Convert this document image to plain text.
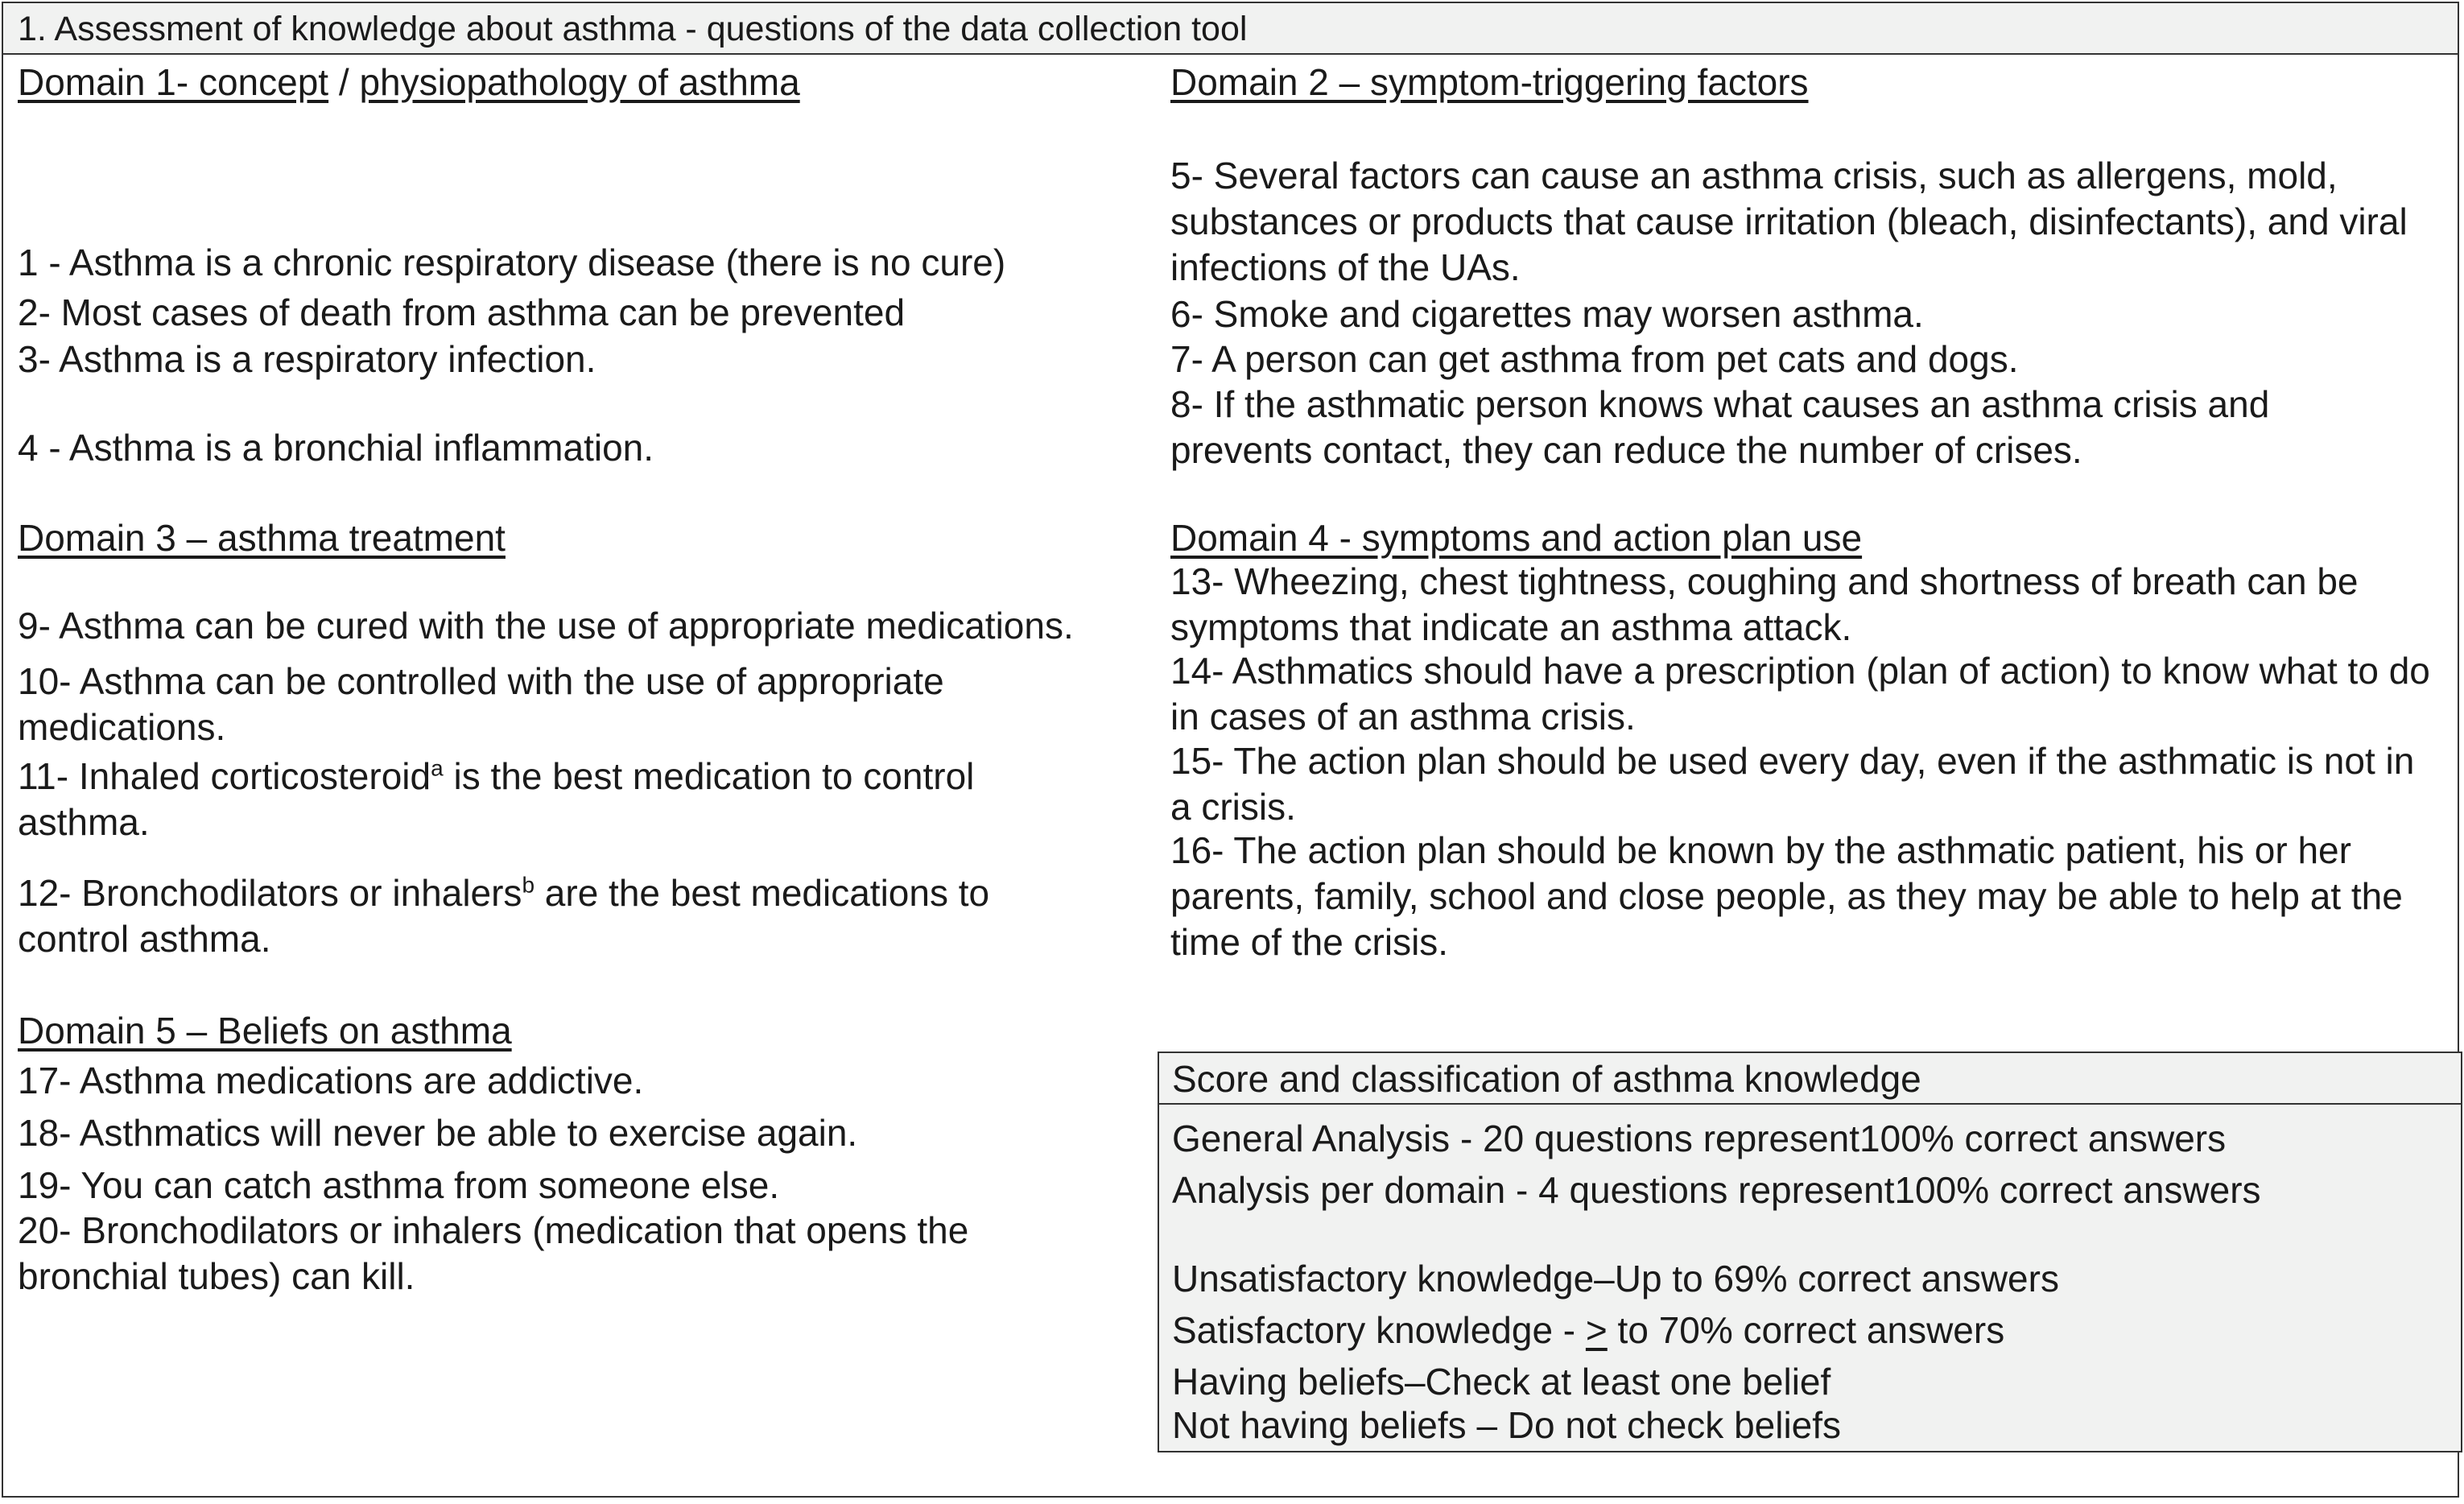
1. Assessment of knowledge about asthma - questions of the data collection tool
Domain 1- concept / physiopathology of asthma
1 - Asthma is a chronic respiratory disease (there is no cure)
2- Most cases of death from asthma can be prevented
3- Asthma is a respiratory infection.
4 - Asthma is a bronchial inflammation.
Domain 3 – asthma treatment
9- Asthma can be cured with the use of appropriate medications.
10- Asthma can be controlled with the use of appropriate medications.
11- Inhaled corticosteroid$^a$ is the best medication to control asthma.
12- Bronchodilators or inhalers$^b$ are the best medications to control asthma.
Domain 5 – Beliefs on asthma
17- Asthma medications are addictive.
18- Asthmatics will never be able to exercise again.
19- You can catch asthma from someone else.
20- Bronchodilators or inhalers (medication that opens the bronchial tubes) can kill.
Domain 2 – symptom-triggering factors
5- Several factors can cause an asthma crisis, such as allergens, mold, substances or products that cause irritation (bleach, disinfectants), and viral infections of the UAs.
6- Smoke and cigarettes may worsen asthma.
7- A person can get asthma from pet cats and dogs.
8- If the asthmatic person knows what causes an asthma crisis and prevents contact, they can reduce the number of crises.
Domain 4 - symptoms and action plan use
13- Wheezing, chest tightness, coughing and shortness of breath can be symptoms that indicate an asthma attack.
14- Asthmatics should have a prescription (plan of action) to know what to do in cases of an asthma crisis.
15- The action plan should be used every day, even if the asthmatic is not in a crisis.
16- The action plan should be known by the asthmatic patient, his or her parents, family, school and close people, as they may be able to help at the time of the crisis.
Score and classification of asthma knowledge
General Analysis - 20 questions represent100% correct answers
Analysis per domain - 4 questions represent100% correct answers
Unsatisfactory knowledge–Up to 69% correct answers
Satisfactory knowledge - > to 70% correct answers
Having beliefs–Check at least one belief
Not having beliefs – Do not check beliefs
